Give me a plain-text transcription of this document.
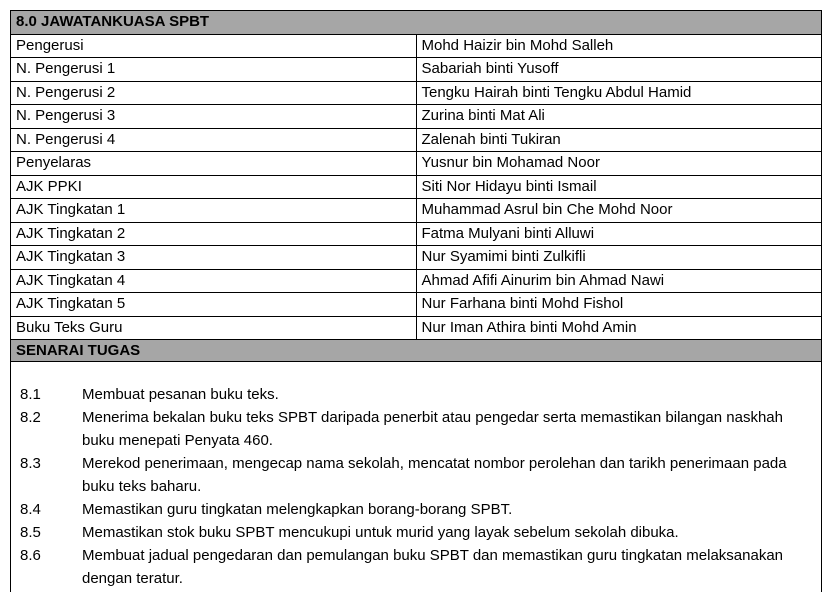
8.0 JAWATANKUASA SPBT	
Pengerusi	Mohd Haizir bin Mohd Salleh
N. Pengerusi 1	Sabariah binti Yusoff
N. Pengerusi 2	Tengku Hairah binti Tengku Abdul Hamid
N. Pengerusi 3	Zurina binti Mat Ali
N. Pengerusi 4	Zalenah binti Tukiran
Penyelaras	Yusnur bin Mohamad Noor
AJK PPKI	Siti Nor Hidayu binti Ismail
AJK Tingkatan 1	Muhammad Asrul bin Che Mohd Noor
AJK Tingkatan 2	Fatma Mulyani binti Alluwi
AJK Tingkatan 3	Nur Syamimi binti Zulkifli
AJK Tingkatan 4	Ahmad Afifi Ainurim bin Ahmad Nawi
AJK Tingkatan 5	Nur Farhana binti Mohd Fishol
Buku Teks Guru	Nur Iman Athira binti Mohd Amin
SENARAI TUGAS
8.1	Membuat pesanan buku teks.
8.2	Menerima bekalan buku teks SPBT daripada penerbit atau pengedar serta memastikan bilangan naskhah buku menepati Penyata 460.
8.3	Merekod penerimaan, mengecap nama sekolah, mencatat nombor perolehan dan tarikh penerimaan pada buku teks baharu.
8.4	Memastikan guru tingkatan melengkapkan borang-borang SPBT.
8.5	Memastikan stok buku SPBT mencukupi untuk murid yang layak sebelum sekolah dibuka.
8.6	Membuat jadual pengedaran dan pemulangan buku SPBT dan memastikan guru tingkatan melaksanakan dengan teratur.
